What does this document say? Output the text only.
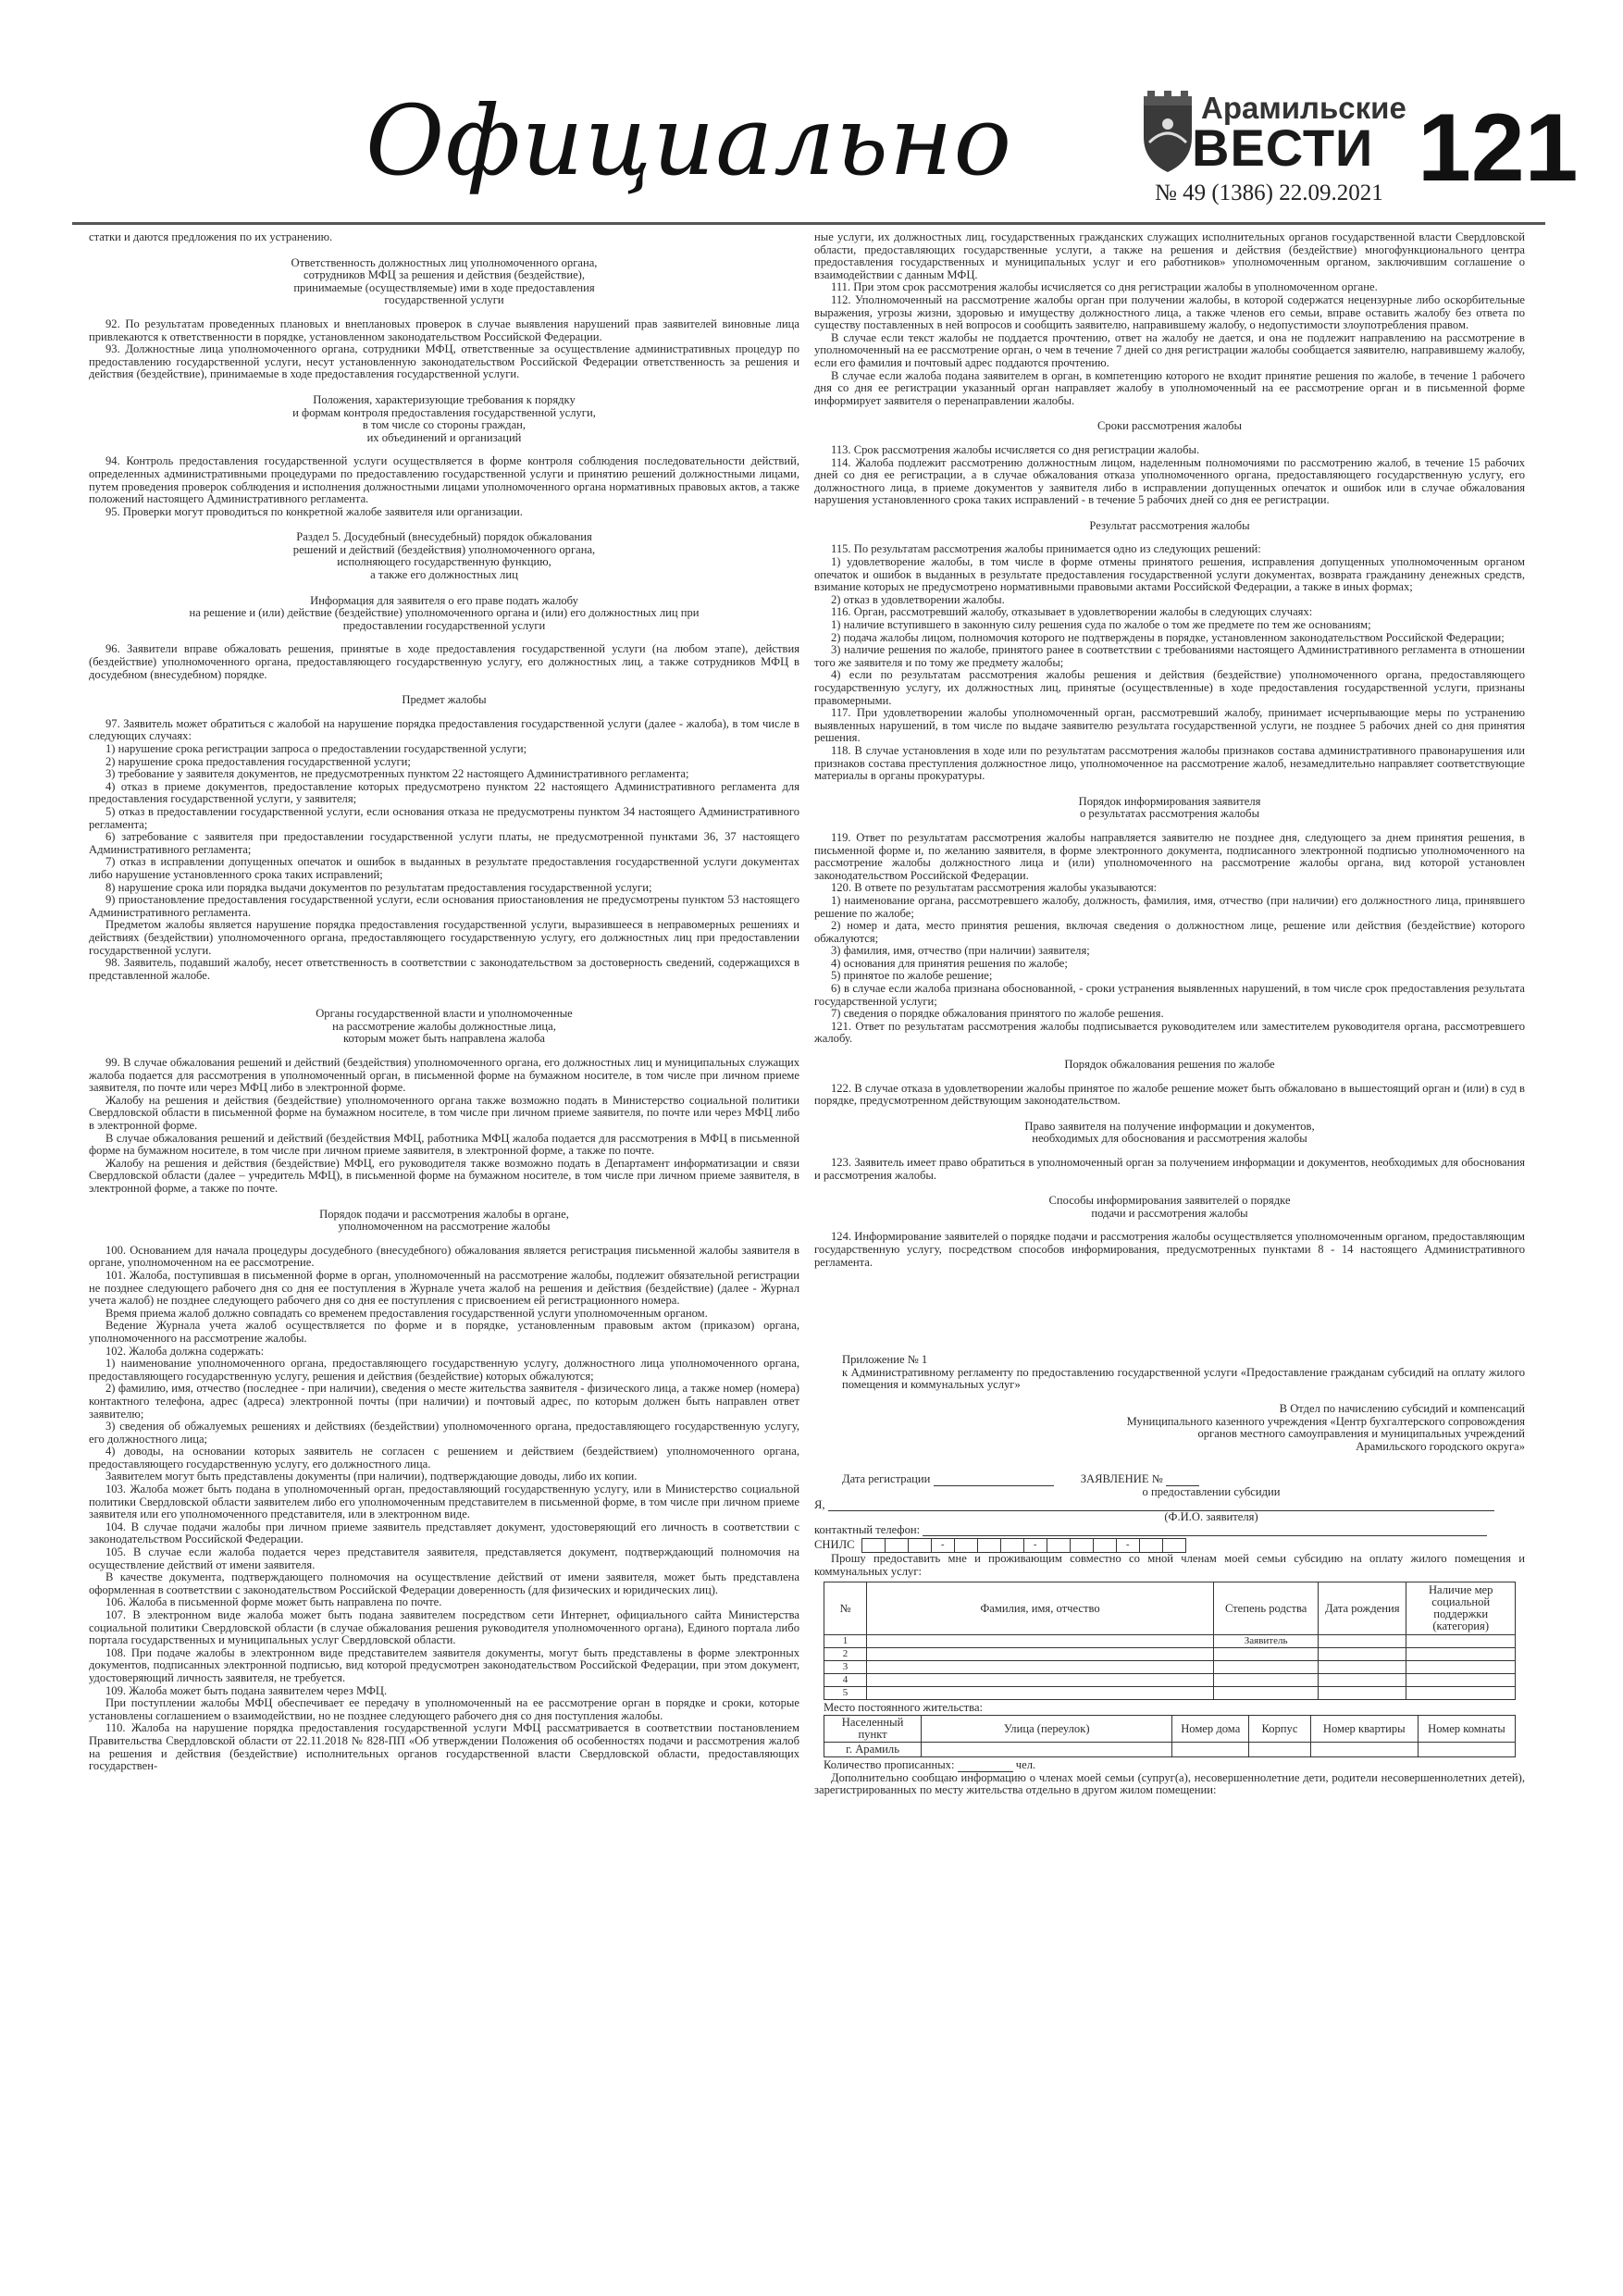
Официально	Арамильские
ВЕСТИ 121
№ 49 (1386) 22.09.2021

статки и даются предложения по их устранению.

Ответственность должностных лиц уполномоченного органа,
сотрудников МФЦ за решения и действия (бездействие),
принимаемые (осуществляемые) ими в ходе предоставления
государственной услуги

92. По результатам проведенных плановых и внеплановых проверок в случае выявления нарушений прав заявителей виновные лица привлекаются к ответственности в порядке, установленном законодательством Российской Федерации.

93. Должностные лица уполномоченного органа, сотрудники МФЦ, ответственные за осуществление административных процедур по предоставлению государственной услуги, несут установленную законодательством Российской Федерации ответственность за решения и действия (бездействие), принимаемые в ходе предоставления государственной услуги.

Положения, характеризующие требования к порядку
и формам контроля предоставления государственной услуги,
в том числе со стороны граждан,
их объединений и организаций

94. Контроль предоставления государственной услуги осуществляется в форме контроля соблюдения последовательности действий, определенных административными процедурами по предоставлению государственной услуги и принятию решений должностными лицами, путем проведения проверок соблюдения и исполнения должностными лицами уполномоченного органа нормативных правовых актов, а также положений настоящего Административного регламента.

95. Проверки могут проводиться по конкретной жалобе заявителя или организации.

Раздел 5. Досудебный (внесудебный) порядок обжалования
решений и действий (бездействия) уполномоченного органа,
исполняющего государственную функцию,
а также его должностных лиц
Информация для заявителя о его праве подать жалобу
на решение и (или) действие (бездействие) уполномоченного органа и (или) его должностных лиц при
предоставлении государственной услуги

96. Заявители вправе обжаловать решения, принятые в ходе предоставления государственной услуги (на любом этапе), действия (бездействие) уполномоченного органа, предоставляющего государственную услугу, его должностных лиц, а также сотрудников МФЦ в досудебном (внесудебном) порядке.

Предмет жалобы

97. Заявитель может обратиться с жалобой на нарушение порядка предоставления государственной услуги (далее - жалоба), в том числе в следующих случаях:

1) нарушение срока регистрации запроса о предоставлении государственной услуги;

2) нарушение срока предоставления государственной услуги;

3) требование у заявителя документов, не предусмотренных пунктом 22 настоящего Административного регламента;

4) отказ в приеме документов, предоставление которых предусмотрено пунктом 22 настоящего Административного регламента для предоставления государственной услуги, у заявителя;

5) отказ в предоставлении государственной услуги, если основания отказа не предусмотрены пунктом 34 настоящего Административного регламента;

6) затребование с заявителя при предоставлении государственной услуги платы, не предусмотренной пунктами 36, 37 настоящего Административного регламента;

7) отказ в исправлении допущенных опечаток и ошибок в выданных в результате предоставления государственной услуги документах либо нарушение установленного срока таких исправлений;

8) нарушение срока или порядка выдачи документов по результатам предоставления государственной услуги;

9) приостановление предоставления государственной услуги, если основания приостановления не предусмотрены пунктом 53 настоящего Административного регламента.

Предметом жалобы является нарушение порядка предоставления государственной услуги, выразившееся в неправомерных решениях и действиях (бездействии) уполномоченного органа, предоставляющего государственную услугу, его должностных лиц при предоставлении государственной услуги.

98. Заявитель, подавший жалобу, несет ответственность в соответствии с законодательством за достоверность сведений, содержащихся в представленной жалобе.

Органы государственной власти и уполномоченные
на рассмотрение жалобы должностные лица,
которым может быть направлена жалоба

99. В случае обжалования решений и действий (бездействия) уполномоченного органа, его должностных лиц и муниципальных служащих жалоба подается для рассмотрения в уполномоченный орган, в письменной форме на бумажном носителе, в том числе при личном приеме заявителя, по почте или через МФЦ либо в электронной форме.

Жалобу на решения и действия (бездействие) уполномоченного органа также возможно подать в Министерство социальной политики Свердловской области в письменной форме на бумажном носителе, в том числе при личном приеме заявителя, по почте или через МФЦ либо в электронной форме.

В случае обжалования решений и действий (бездействия МФЦ, работника МФЦ жалоба подается для рассмотрения в МФЦ в письменной форме на бумажном носителе, в том числе при личном приеме заявителя, в электронной форме, а также по почте.

Жалобу на решения и действия (бездействие) МФЦ, его руководителя также возможно подать в Департамент информатизации и связи Свердловской области (далее – учредитель МФЦ), в письменной форме на бумажном носителе, в том числе при личном приеме заявителя, в электронной форме, а также по почте.

Порядок подачи и рассмотрения жалобы в органе,
уполномоченном на рассмотрение жалобы

100. Основанием для начала процедуры досудебного (внесудебного) обжалования является регистрация письменной жалобы заявителя в органе, уполномоченном на ее рассмотрение.

101. Жалоба, поступившая в письменной форме в орган, уполномоченный на рассмотрение жалобы, подлежит обязательной регистрации не позднее следующего рабочего дня со дня ее поступления в Журнале учета жалоб на решения и действия (бездействие) (далее - Журнал учета жалоб) не позднее следующего рабочего дня со дня ее поступления с присвоением ей регистрационного номера.

Время приема жалоб должно совпадать со временем предоставления государственной услуги уполномоченным органом.

Ведение Журнала учета жалоб осуществляется по форме и в порядке, установленным правовым актом (приказом) органа, уполномоченного на рассмотрение жалобы.

102. Жалоба должна содержать:

1) наименование уполномоченного органа, предоставляющего государственную услугу, должностного лица уполномоченного органа, предоставляющего государственную услугу, решения и действия (бездействие) которых обжалуются;

2) фамилию, имя, отчество (последнее - при наличии), сведения о месте жительства заявителя - физического лица, а также номер (номера) контактного телефона, адрес (адреса) электронной почты (при наличии) и почтовый адрес, по которым должен быть направлен ответ заявителю;

3) сведения об обжалуемых решениях и действиях (бездействии) уполномоченного органа, предоставляющего государственную услугу, его должностного лица;

4) доводы, на основании которых заявитель не согласен с решением и действием (бездействием) уполномоченного органа, предоставляющего государственную услугу, его должностного лица.

Заявителем могут быть представлены документы (при наличии), подтверждающие доводы, либо их копии.

103. Жалоба может быть подана в уполномоченный орган, предоставляющий государственную услугу, или в Министерство социальной политики Свердловской области заявителем либо его уполномоченным представителем в письменной форме, в том числе при личном приеме заявителя или его уполномоченного представителя, или в электронном виде.

104. В случае подачи жалобы при личном приеме заявитель представляет документ, удостоверяющий его личность в соответствии с законодательством Российской Федерации.

105. В случае если жалоба подается через представителя заявителя, представляется документ, подтверждающий полномочия на осуществление действий от имени заявителя.

В качестве документа, подтверждающего полномочия на осуществление действий от имени заявителя, может быть представлена оформленная в соответствии с законодательством Российской Федерации доверенность (для физических и юридических лиц).

106. Жалоба в письменной форме может быть направлена по почте.

107. В электронном виде жалоба может быть подана заявителем посредством сети Интернет, официального сайта Министерства социальной политики Свердловской области (в случае обжалования решения руководителя уполномоченного органа), Единого портала либо портала государственных и муниципальных услуг Свердловской области.

108. При подаче жалобы в электронном виде представителем заявителя документы, могут быть представлены в форме электронных документов, подписанных электронной подписью, вид которой предусмотрен законодательством Российской Федерации, при этом документ, удостоверяющий личность заявителя, не требуется.

109. Жалоба может быть подана заявителем через МФЦ.

При поступлении жалобы МФЦ обеспечивает ее передачу в уполномоченный на ее рассмотрение орган в порядке и сроки, которые установлены соглашением о взаимодействии, но не позднее следующего рабочего дня со дня поступления жалобы.

110. Жалоба на нарушение порядка предоставления государственной услуги МФЦ рассматривается в соответствии постановлением Правительства Свердловской области от 22.11.2018 № 828-ПП «Об утверждении Положения об особенностях подачи и рассмотрения жалоб на решения и действия (бездействие) исполнительных органов государственной власти Свердловской области, предоставляющих государствен-

ные услуги, их должностных лиц, государственных гражданских служащих исполнительных органов государственной власти Свердловской области, предоставляющих государственные услуги, а также на решения и действия (бездействие) многофункционального центра предоставления государственных и муниципальных услуг и его работников» уполномоченным органом, заключившим соглашение о взаимодействии с данным МФЦ.

111. При этом срок рассмотрения жалобы исчисляется со дня регистрации жалобы в уполномоченном органе.

112. Уполномоченный на рассмотрение жалобы орган при получении жалобы, в которой содержатся нецензурные либо оскорбительные выражения, угрозы жизни, здоровью и имуществу должностного лица, а также членов его семьи, вправе оставить жалобу без ответа по существу поставленных в ней вопросов и сообщить заявителю, направившему жалобу, о недопустимости злоупотребления правом.

В случае если текст жалобы не поддается прочтению, ответ на жалобу не дается, и она не подлежит направлению на рассмотрение в уполномоченный на ее рассмотрение орган, о чем в течение 7 дней со дня регистрации жалобы сообщается заявителю, направившему жалобу, если его фамилия и почтовый адрес поддаются прочтению.

В случае если жалоба подана заявителем в орган, в компетенцию которого не входит принятие решения по жалобе, в течение 1 рабочего дня со дня ее регистрации указанный орган направляет жалобу в уполномоченный на ее рассмотрение орган и в письменной форме информирует заявителя о перенаправлении жалобы.

Сроки рассмотрения жалобы

113. Срок рассмотрения жалобы исчисляется со дня регистрации жалобы.

114. Жалоба подлежит рассмотрению должностным лицом, наделенным полномочиями по рассмотрению жалоб, в течение 15 рабочих дней со дня ее регистрации, а в случае обжалования отказа уполномоченного органа, предоставляющего государственную услугу, его должностного лица, в приеме документов у заявителя либо в исправлении допущенных опечаток и ошибок или в случае обжалования нарушения установленного срока таких исправлений - в течение 5 рабочих дней со дня ее регистрации.

Результат рассмотрения жалобы

115. По результатам рассмотрения жалобы принимается одно из следующих решений:

1) удовлетворение жалобы, в том числе в форме отмены принятого решения, исправления допущенных уполномоченным органом опечаток и ошибок в выданных в результате предоставления государственной услуги документах, возврата гражданину денежных средств, взимание которых не предусмотрено нормативными правовыми актами Российской Федерации, а также в иных формах;

2) отказ в удовлетворении жалобы.

116. Орган, рассмотревший жалобу, отказывает в удовлетворении жалобы в следующих случаях:

1) наличие вступившего в законную силу решения суда по жалобе о том же предмете по тем же основаниям;

2) подача жалобы лицом, полномочия которого не подтверждены в порядке, установленном законодательством Российской Федерации;

3) наличие решения по жалобе, принятого ранее в соответствии с требованиями настоящего Административного регламента в отношении того же заявителя и по тому же предмету жалобы;

4) если по результатам рассмотрения жалобы решения и действия (бездействие) уполномоченного органа, предоставляющего государственную услугу, их должностных лиц, принятые (осуществленные) в ходе предоставления государственной услуги, признаны правомерными.

117. При удовлетворении жалобы уполномоченный орган, рассмотревший жалобу, принимает исчерпывающие меры по устранению выявленных нарушений, в том числе по выдаче заявителю результата государственной услуги, не позднее 5 рабочих дней со дня принятия решения.

118. В случае установления в ходе или по результатам рассмотрения жалобы признаков состава административного правонарушения или признаков состава преступления должностное лицо, уполномоченное на рассмотрение жалоб, незамедлительно направляет соответствующие материалы в органы прокуратуры.

Порядок информирования заявителя
о результатах рассмотрения жалобы

119. Ответ по результатам рассмотрения жалобы направляется заявителю не позднее дня, следующего за днем принятия решения, в письменной форме и, по желанию заявителя, в форме электронного документа, подписанного электронной подписью уполномоченного на рассмотрение жалобы должностного лица и (или) уполномоченного на рассмотрение жалобы органа, вид которой установлен законодательством Российской Федерации.

120. В ответе по результатам рассмотрения жалобы указываются:

1) наименование органа, рассмотревшего жалобу, должность, фамилия, имя, отчество (при наличии) его должностного лица, принявшего решение по жалобе;

2) номер и дата, место принятия решения, включая сведения о должностном лице, решение или действия (бездействие) которого обжалуются;

3) фамилия, имя, отчество (при наличии) заявителя;

4) основания для принятия решения по жалобе;

5) принятое по жалобе решение;

6) в случае если жалоба признана обоснованной, - сроки устранения выявленных нарушений, в том числе срок предоставления результата государственной услуги;

7) сведения о порядке обжалования принятого по жалобе решения.

121. Ответ по результатам рассмотрения жалобы подписывается руководителем или заместителем руководителя органа, рассмотревшего жалобу.

Порядок обжалования решения по жалобе

122. В случае отказа в удовлетворении жалобы принятое по жалобе решение может быть обжаловано в вышестоящий орган и (или) в суд в порядке, предусмотренном действующим законодательством.

Право заявителя на получение информации и документов,
необходимых для обоснования и рассмотрения жалобы

123. Заявитель имеет право обратиться в уполномоченный орган за получением информации и документов, необходимых для обоснования и рассмотрения жалобы.

Способы информирования заявителей о порядке
подачи и рассмотрения жалобы

124. Информирование заявителей о порядке подачи и рассмотрения жалобы осуществляется уполномоченным органом, предоставляющим государственную услугу, посредством способов информирования, предусмотренных пунктами 8 - 14 настоящего Административного регламента.

Приложение № 1

к Административному регламенту по предоставлению государственной услуги «Предоставление гражданам субсидий на оплату жилого помещения и коммунальных услуг»

В Отдел по начислению субсидий и компенсаций
Муниципального казенного учреждения «Центр бухгалтерского сопровождения
органов местного самоуправления и муниципальных учреждений
Арамильского городского округа»
Дата регистрации	ЗАЯВЛЕНИЕ №
о предоставлении субсидии
Я,
(Ф.И.О. заявителя)
контактный телефон:
СНИЛС				-				-				-		

Прошу предоставить мне и проживающим совместно со мной членам моей семьи субсидию на оплату жилого помещения и коммунальных услуг:

№	Фамилия, имя, отчество	Степень родства	Дата рождения	Наличие мер социальной поддержки (категория)
1		Заявитель		
2				
3				
4				
5				

Место постоянного жительства:

Населенный пункт	Улица (переулок)	Номер дома	Корпус	Номер квартиры	Номер комнаты
г. Арамиль					
Количество прописанных:	чел.

Дополнительно сообщаю информацию о членах моей семьи (супруг(а), несовершеннолетние дети, родители несовершеннолетних детей), зарегистрированных по месту жительства отдельно в другом жилом помещении:
